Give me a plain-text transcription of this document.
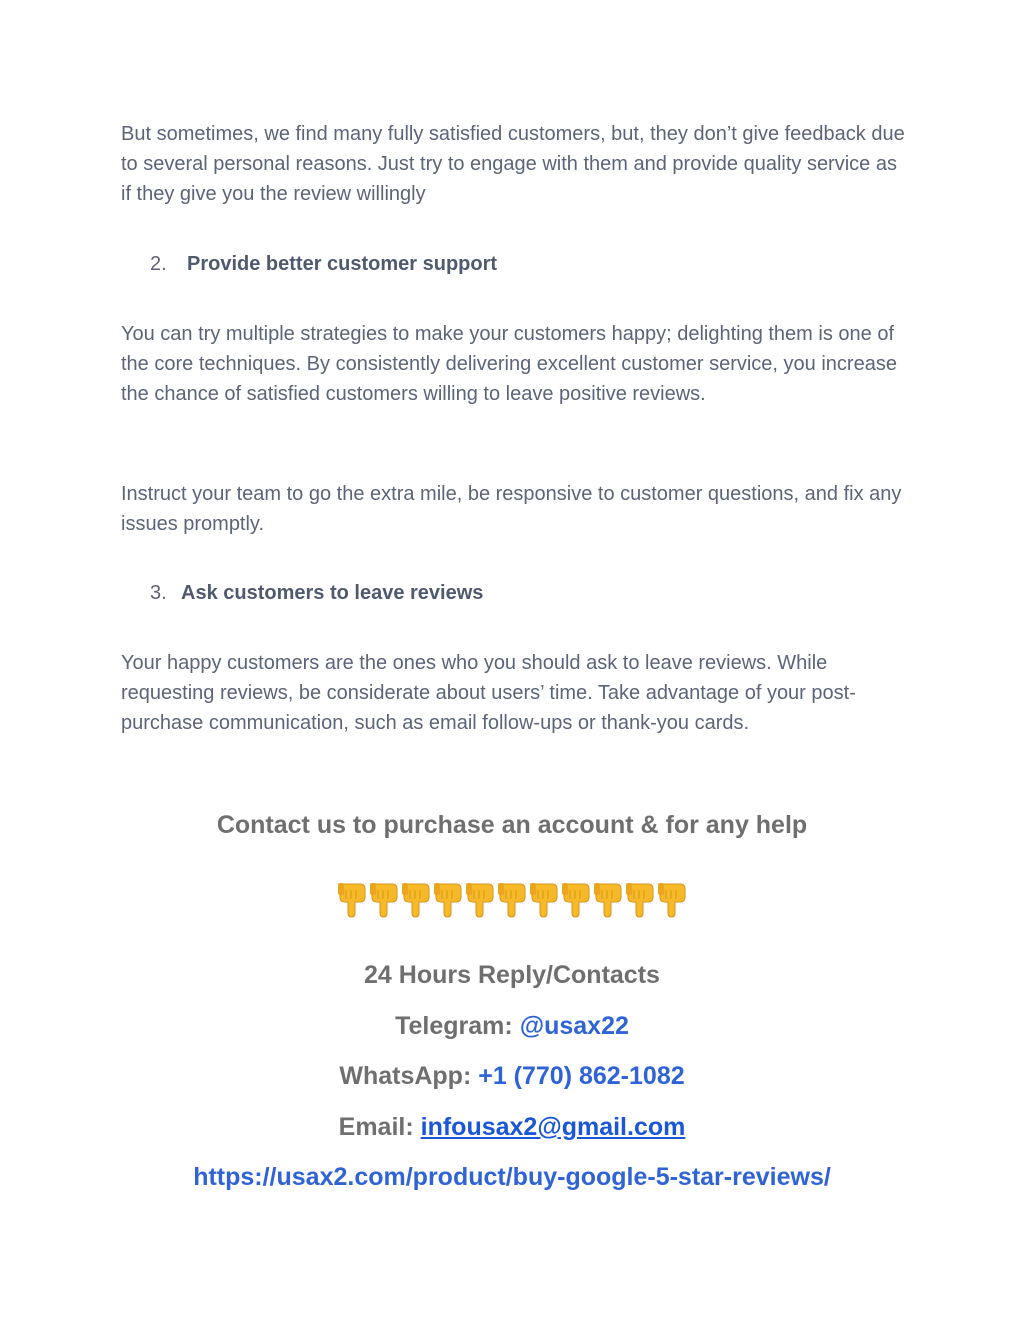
But sometimes, we find many fully satisfied customers, but, they don’t give feedback due to several personal reasons. Just try to engage with them and provide quality service as if they give you the review willingly

2. Provide better customer support

You can try multiple strategies to make your customers happy; delighting them is one of the core techniques. By consistently delivering excellent customer service, you increase the chance of satisfied customers willing to leave positive reviews.

Instruct your team to go the extra mile, be responsive to customer questions, and fix any issues promptly.

3. Ask customers to leave reviews

Your happy customers are the ones who you should ask to leave reviews. While requesting reviews, be considerate about users’ time. Take advantage of your post-purchase communication, such as email follow-ups or thank-you cards.

Contact us to purchase an account & for any help
24 Hours Reply/Contacts
Telegram: @usax22
WhatsApp: +1 (770) 862-1082
Email: infousax2@gmail.com
https://usax2.com/product/buy-google-5-star-reviews/
